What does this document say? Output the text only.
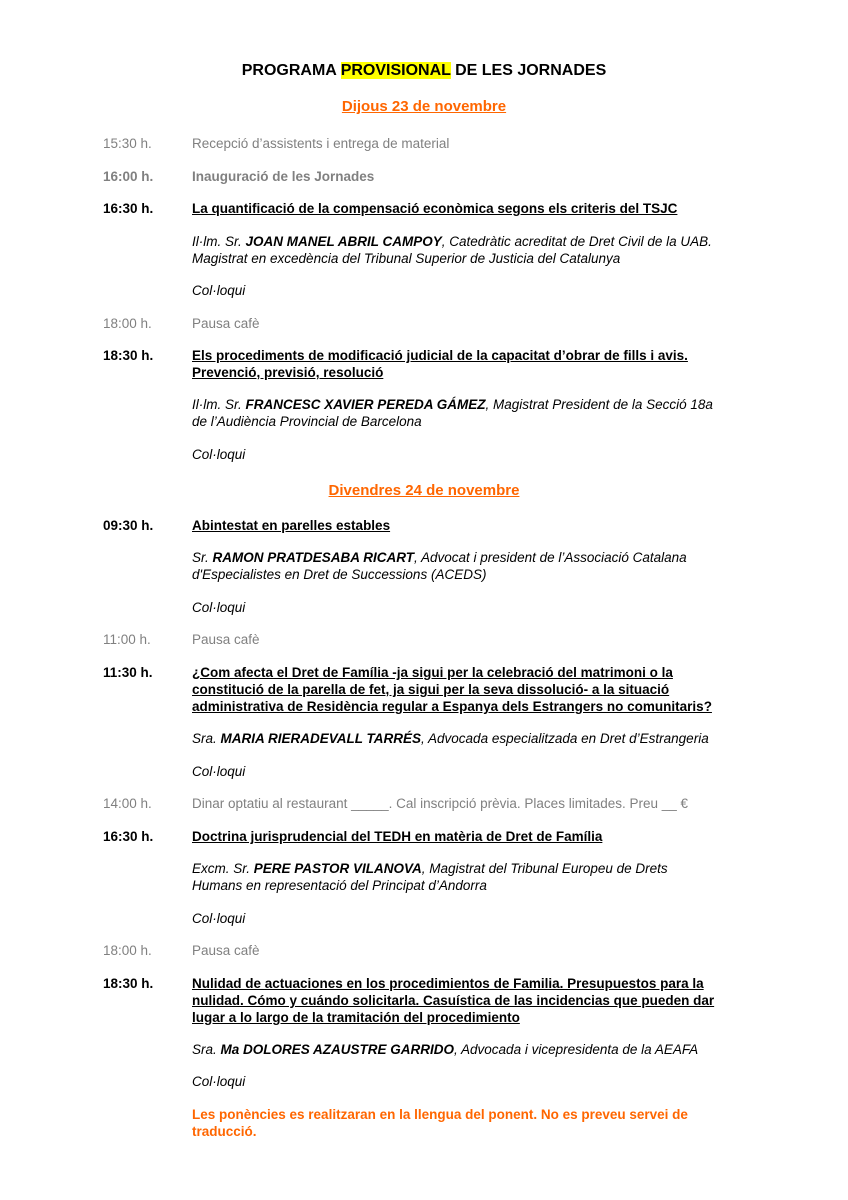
PROGRAMA PROVISIONAL DE LES JORNADES
Dijous 23 de novembre
15:30 h.	Recepció d’assistents i entrega de material
16:00 h.	Inauguració de les Jornades
16:30 h.	La quantificació de la compensació econòmica segons els criteris del TSJC
Il·lm. Sr. JOAN MANEL ABRIL CAMPOY, Catedràtic acreditat de Dret Civil de la UAB.
Magistrat en excedència del Tribunal Superior de Justicia del Catalunya
Col·loqui
18:00 h.	Pausa cafè
18:30 h.	Els procediments de modificació judicial de la capacitat d’obrar de fills i avis.
Prevenció, previsió, resolució
Il·lm. Sr. FRANCESC XAVIER PEREDA GÁMEZ, Magistrat President de la Secció 18a
de l’Audiència Provincial de Barcelona
Col·loqui
Divendres 24 de novembre
09:30 h.	Abintestat en parelles estables
Sr. RAMON PRATDESABA RICART, Advocat i president de l’Associació Catalana
d'Especialistes en Dret de Successions (ACEDS)
Col·loqui
11:00 h.	Pausa cafè
11:30 h.	¿Com afecta el Dret de Família -ja sigui per la celebració del matrimoni o la
constitució de la parella de fet, ja sigui per la seva dissolució- a la situació
administrativa de Residència regular a Espanya dels Estrangers no comunitaris?
Sra. MARIA RIERADEVALL TARRÉS, Advocada especialitzada en Dret d’Estrangeria
Col·loqui
14:00 h.	Dinar optatiu al restaurant _____. Cal inscripció prèvia. Places limitades. Preu __ €
16:30 h.	Doctrina jurisprudencial del TEDH en matèria de Dret de Família
Excm. Sr. PERE PASTOR VILANOVA, Magistrat del Tribunal Europeu de Drets
Humans en representació del Principat d’Andorra
Col·loqui
18:00 h.	Pausa cafè
18:30 h.	Nulidad de actuaciones en los procedimientos de Familia. Presupuestos para la
nulidad. Cómo y cuándo solicitarla. Casuística de las incidencias que pueden dar
lugar a lo largo de la tramitación del procedimiento
Sra. Ma DOLORES AZAUSTRE GARRIDO, Advocada i vicepresidenta de la AEAFA
Col·loqui
Les ponències es realitzaran en la llengua del ponent. No es preveu servei de
traducció.
